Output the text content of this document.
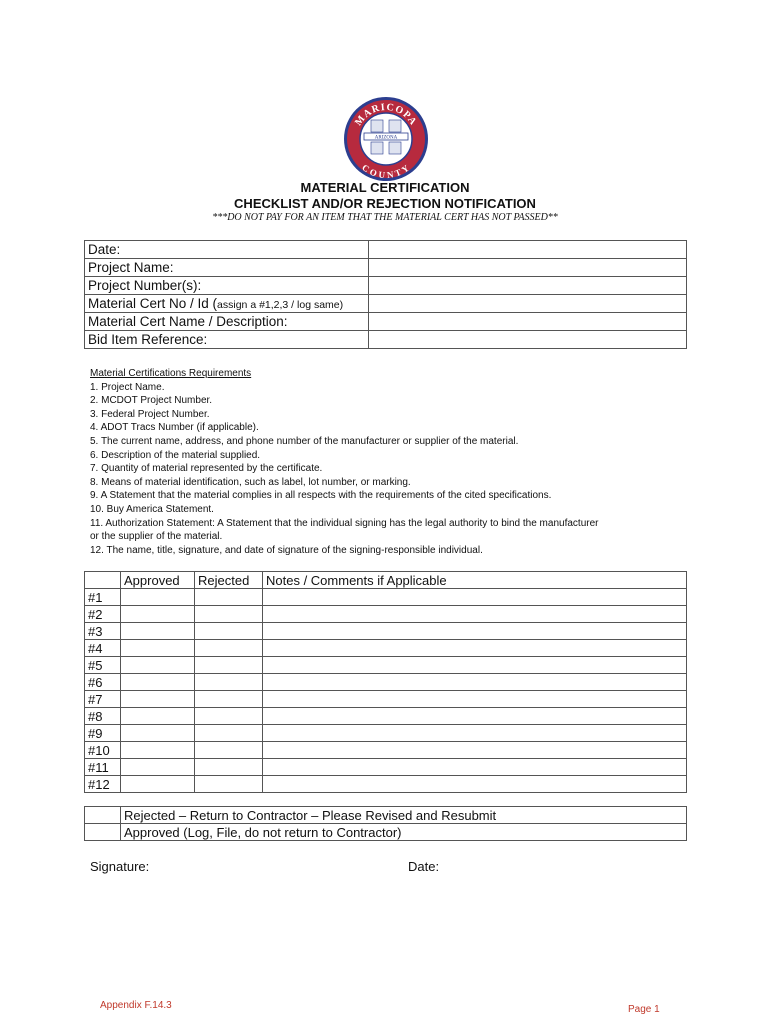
ARIZONA
MARICOPA
COUNTY
MATERIAL CERTIFICATION
CHECKLIST AND/OR REJECTION NOTIFICATION
***DO NOT PAY FOR AN ITEM THAT THE MATERIAL CERT HAS NOT PASSED**
Date:	
Project Name:	
Project Number(s):	
Material Cert No / Id (assign a #1,2,3 / log same)	
Material Cert Name / Description:	
Bid Item Reference:	
Material Certifications Requirements
1. Project Name.
2. MCDOT Project Number.
3. Federal Project Number.
4. ADOT Tracs Number (if applicable).
5. The current name, address, and phone number of the manufacturer or supplier of the material.
6. Description of the material supplied.
7. Quantity of material represented by the certificate.
8. Means of material identification, such as label, lot number, or marking.
9. A Statement that the material complies in all respects with the requirements of the cited specifications.
10. Buy America Statement.
11. Authorization Statement: A Statement that the individual signing has the legal authority to bind the manufacturer
or the supplier of the material.
12. The name, title, signature, and date of signature of the signing-responsible individual.
	Approved	Rejected	Notes / Comments if Applicable
#1			
#2			
#3			
#4			
#5			
#6			
#7			
#8			
#9			
#10			
#11			
#12			
	Rejected – Return to Contractor – Please Revised and Resubmit
	Approved (Log, File, do not return to Contractor)
Signature:	Date:
Appendix F.14.3	Page 1
